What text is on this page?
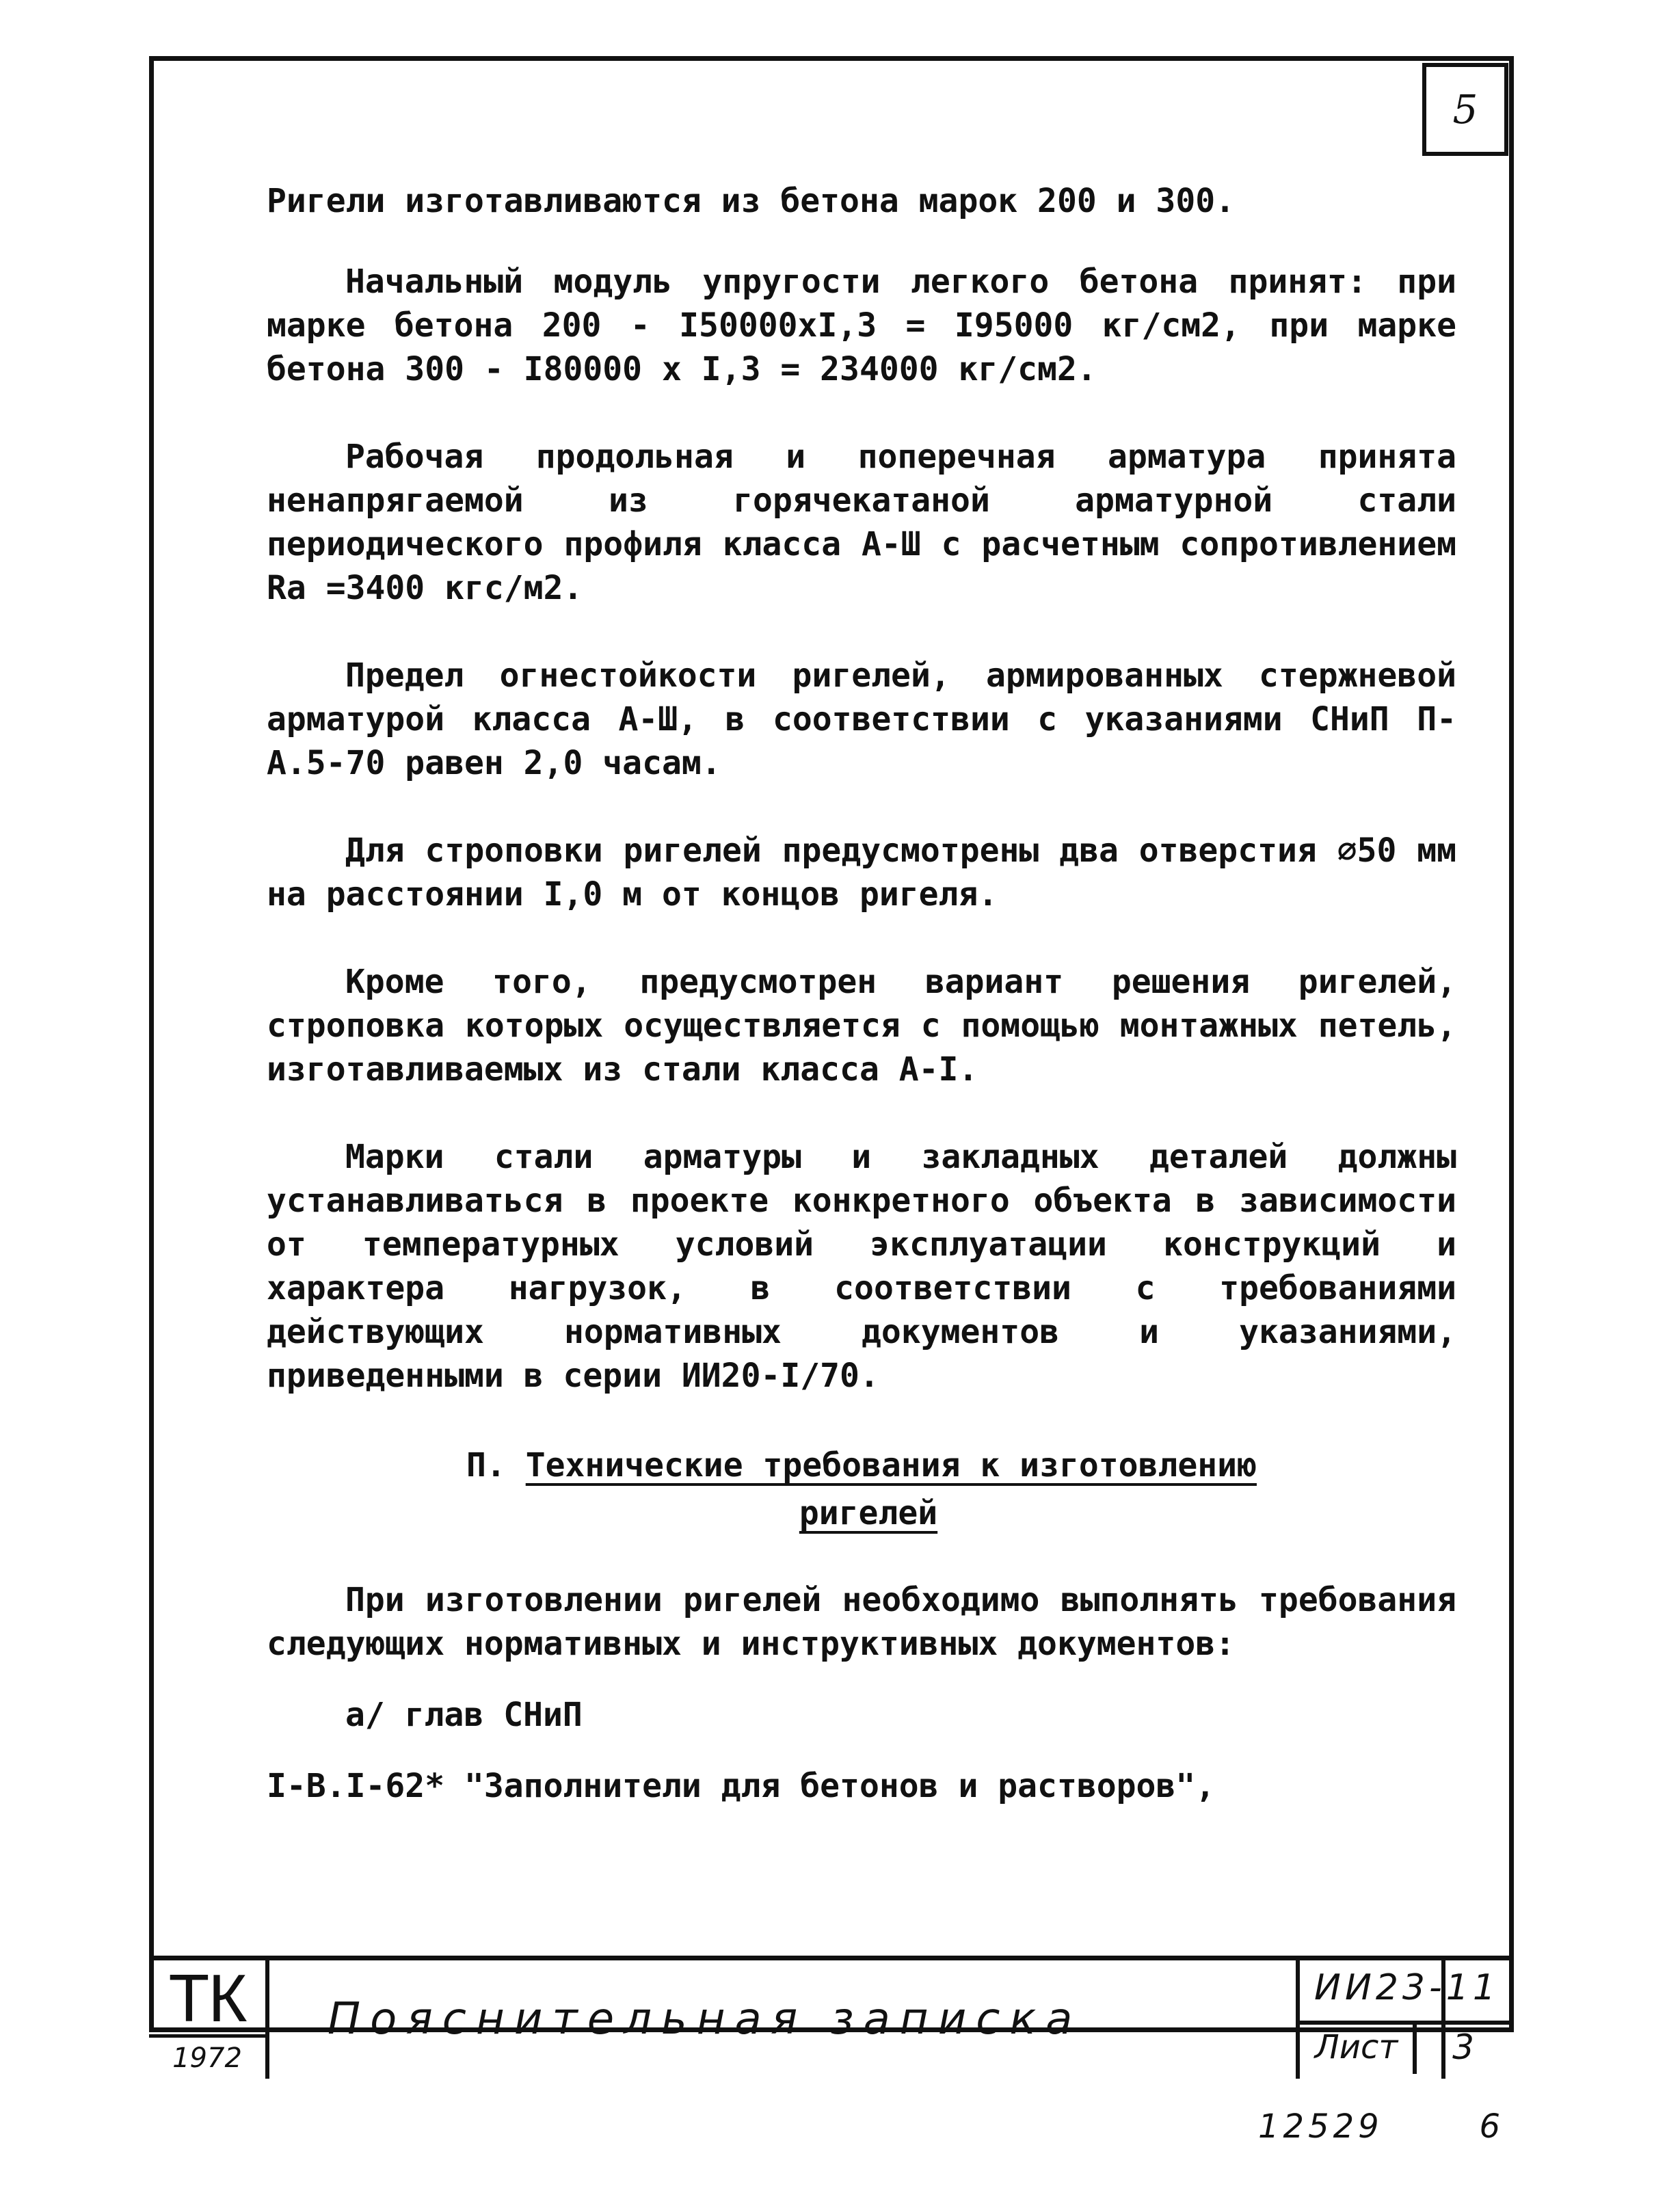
5

Ригели изготавливаются из бетона марок 200 и 300.

Начальный модуль упругости легкого бетона принят: при марке бетона 200 - I50000хI,3 = I95000 кг/см2, при марке бетона 300 - I80000 х I,3 = 234000 кг/см2.

Рабочая продольная и поперечная арматура принята ненапрягаемой из горячекатаной арматурной стали периодического профиля класса А-Ш с расчетным сопротивлением Rа =3400 кгс/м2.

Предел огнестойкости ригелей, армированных стержневой арматурой класса А-Ш, в соответствии с указаниями СНиП П-А.5-70 равен 2,0 часам.

Для строповки ригелей предусмотрены два отверстия ∅50 мм на расстоянии I,0 м от концов ригеля.

Кроме того, предусмотрен вариант решения ригелей, строповка которых осуществляется с помощью монтажных петель, изготавливаемых из стали класса А-I.

Марки стали арматуры и закладных деталей должны устанавливаться в проекте конкретного объекта в зависимости от температурных условий эксплуатации конструкций и характера нагрузок, в соответствии с требованиями действующих нормативных документов и указаниями, приведенными в серии ИИ20-I/70.

П. Технические требования к изготовлению
ригелей

При изготовлении ригелей необходимо выполнять требования следующих нормативных и инструктивных документов:

а/ глав СНиП

I-В.I-62* "Заполнители для бетонов и растворов",

ТК
1972
Пояснительная записка
ИИ23-11
Лист	3
12529	6
